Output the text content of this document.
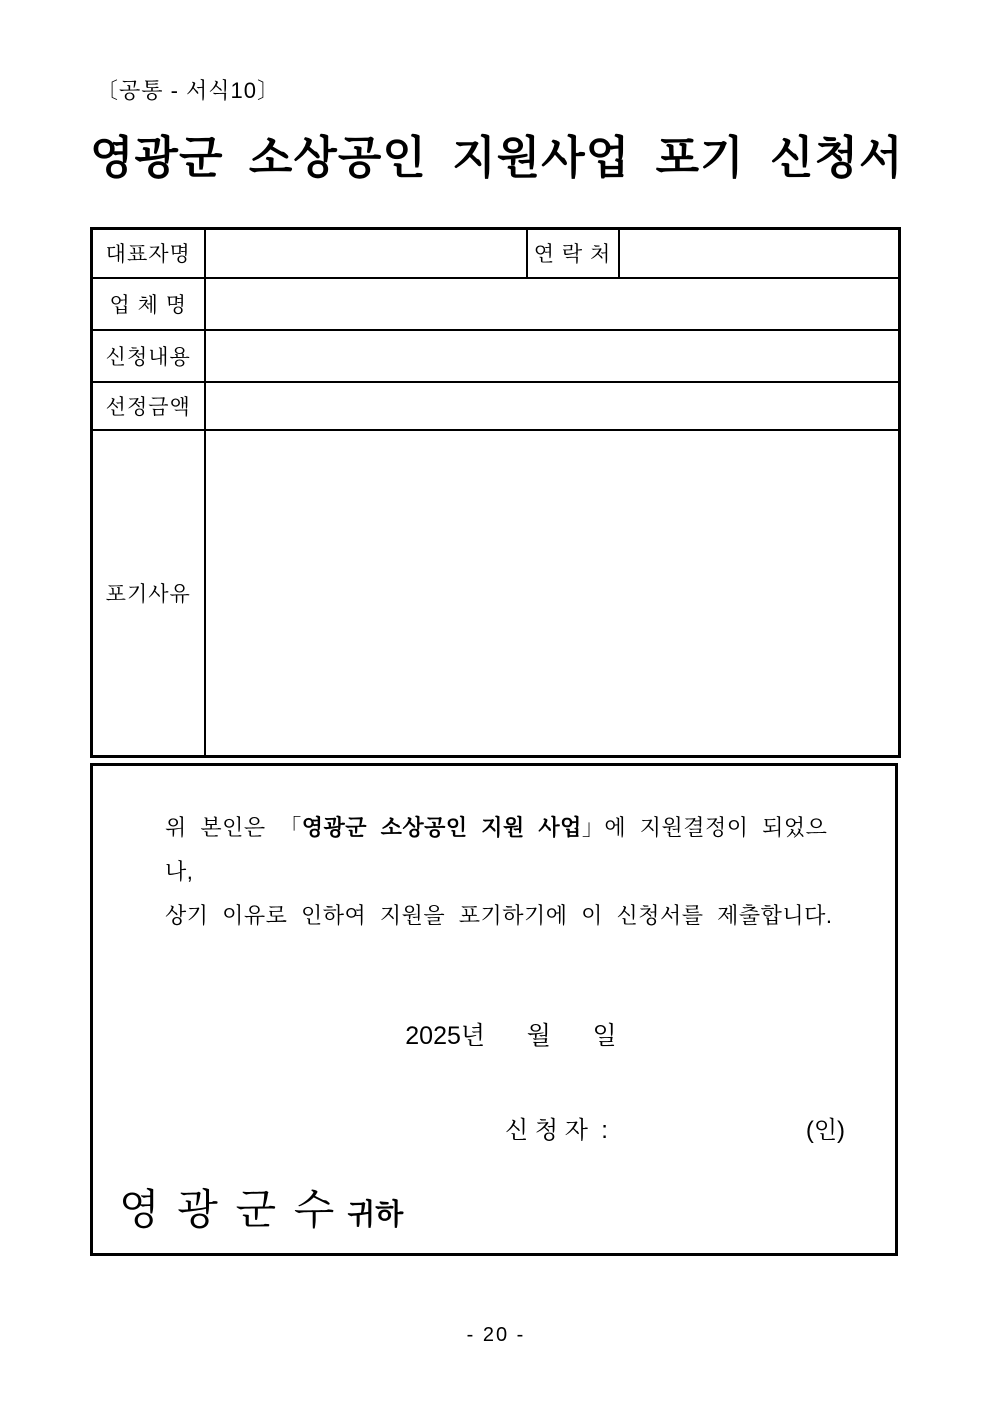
〔공통 - 서식10〕
영광군 소상공인 지원사업 포기 신청서
대표자명		연 락 처	
업 체 명			
신청내용			
선정금액			
포기사유			

위 본인은 「영광군 소상공인 지원 사업」에 지원결정이 되었으나,
상기 이유로 인하여 지원을 포기하기에 이 신청서를 제출합니다.

2025년      월      일
신 청 자  :	(인)
영 광 군 수 귀하
- 20 -
